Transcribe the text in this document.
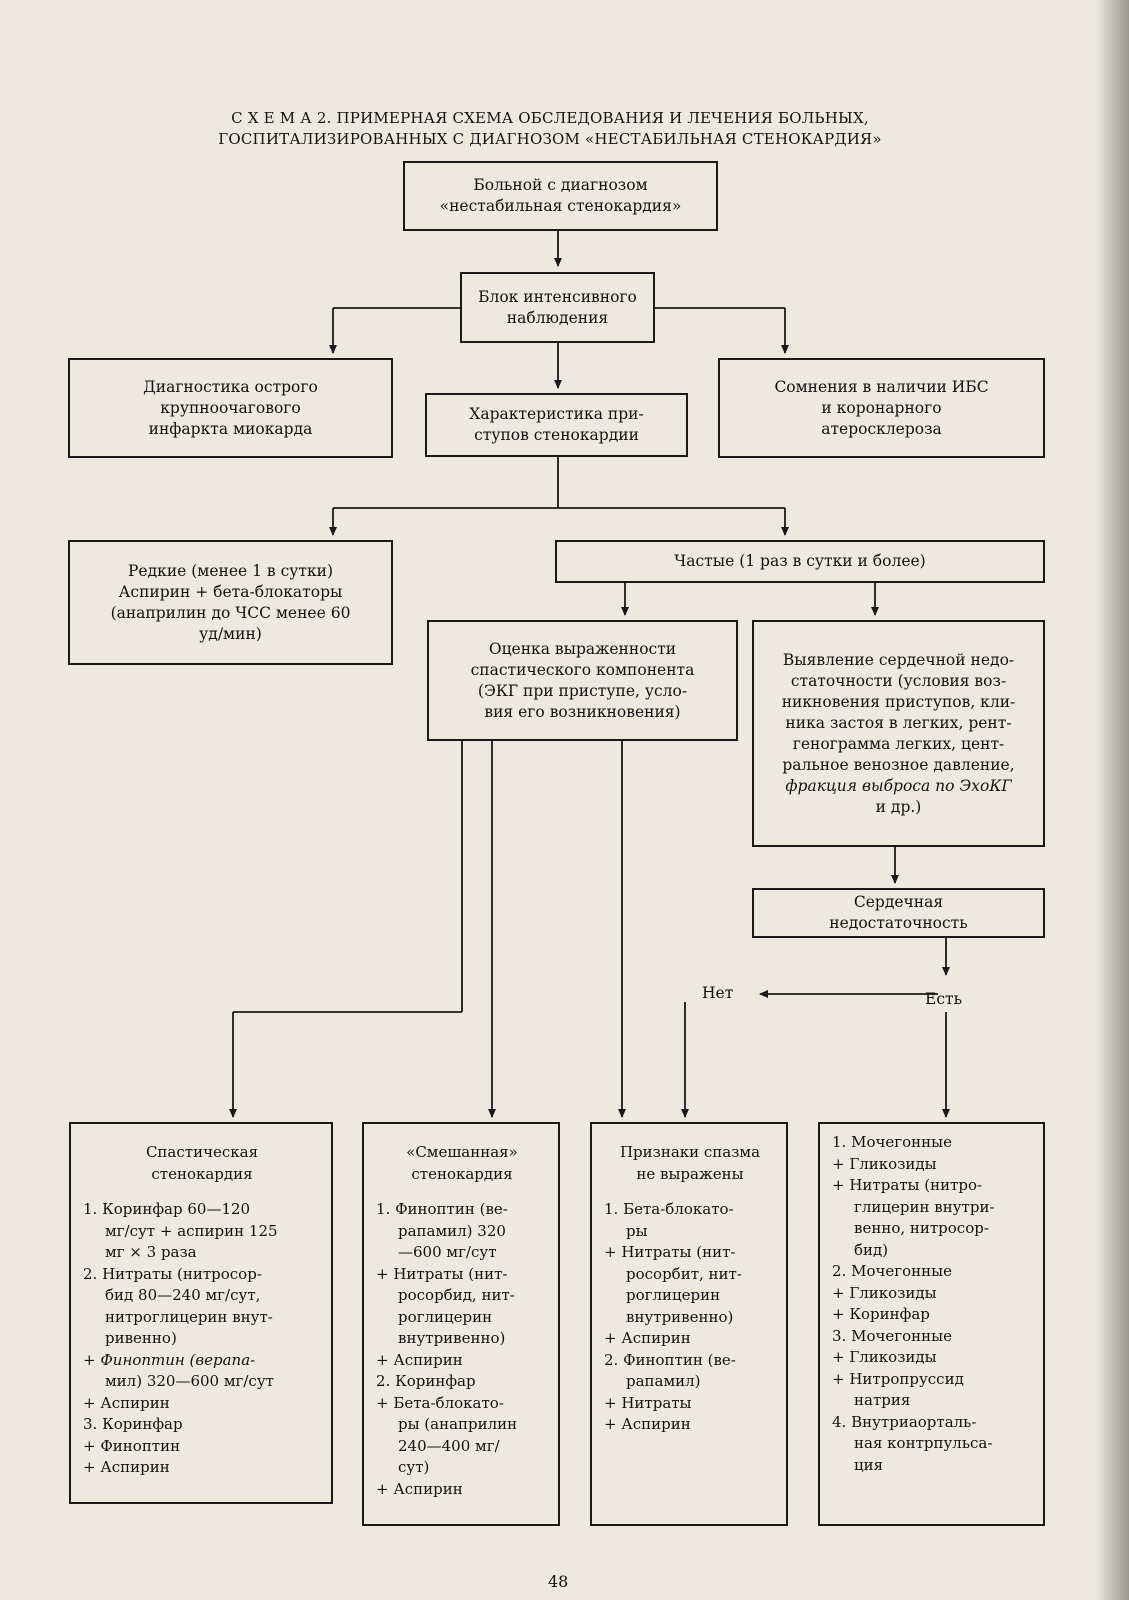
С Х Е М А 2. ПРИМЕРНАЯ СХЕМА ОБСЛЕДОВАНИЯ И ЛЕЧЕНИЯ БОЛЬНЫХ,
ГОСПИТАЛИЗИРОВАННЫХ С ДИАГНОЗОМ «НЕСТАБИЛЬНАЯ СТЕНОКАРДИЯ»
Больной с диагнозом
«нестабильная стенокардия»
Блок интенсивного
наблюдения
Диагностика острого
крупноочагового
инфаркта миокарда
Характеристика при-
ступов стенокардии
Сомнения в наличии ИБС
и коронарного
атеросклероза
Редкие (менее 1 в сутки)
Аспирин + бета-блокаторы
(анаприлин до ЧСС менее 60
уд/мин)
Частые (1 раз в сутки и более)
Оценка выраженности
спастического компонента
(ЭКГ при приступе, усло-
вия его возникновения)
Выявление сердечной недо-
статочности (условия воз-
никновения приступов, кли-
ника застоя в легких, рент-
генограмма легких, цент-
ральное венозное давление,
фракция выброса по ЭхоКГ
и др.)
Сердечная
недостаточность
Нет	Есть
Спастическая
стенокардия
1. Коринфар 60—120
мг/сут + аспирин 125
мг × 3 раза
2. Нитраты (нитросор-
бид 80—240 мг/сут,
нитроглицерин внут-
ривенно)
+ Финоптин (верапа-
мил) 320—600 мг/сут
+ Аспирин
3. Коринфар
+ Финоптин
+ Аспирин
«Смешанная»
стенокардия
1. Финоптин (ве-
рапамил) 320
—600 мг/сут
+ Нитраты (нит-
росорбид, нит-
роглицерин
внутривенно)
+ Аспирин
2. Коринфар
+ Бета-блокато-
ры (анаприлин
240—400 мг/
сут)
+ Аспирин
Признаки спазма
не выражены
1. Бета-блокато-
ры
+ Нитраты (нит-
росорбит, нит-
роглицерин
внутривенно)
+ Аспирин
2. Финоптин (ве-
рапамил)
+ Нитраты
+ Аспирин
1. Мочегонные
+ Гликозиды
+ Нитраты (нитро-
глицерин внутри-
венно, нитросор-
бид)
2. Мочегонные
+ Гликозиды
+ Коринфар
3. Мочегонные
+ Гликозиды
+ Нитропруссид
натрия
4. Внутриаорталь-
ная контрпульса-
ция
48
